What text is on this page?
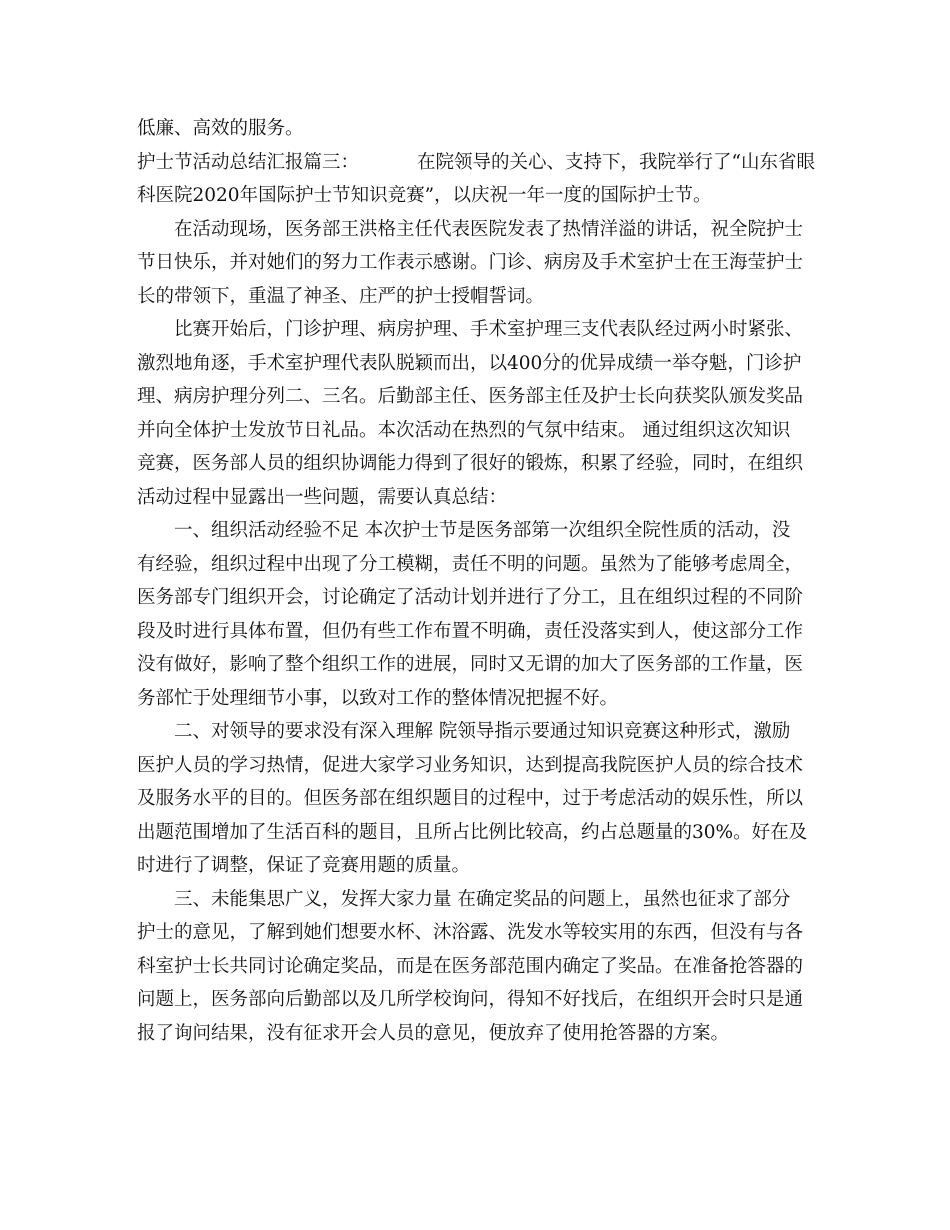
低廉、高效的服务。
护士节活动总结汇报篇三：	在院领导的关心、支持下，我院举行了“山东省眼
科医院2020年国际护士节知识竞赛”，以庆祝一年一度的国际护士节。
在活动现场，医务部王洪格主任代表医院发表了热情洋溢的讲话，祝全院护士
节日快乐，并对她们的努力工作表示感谢。门诊、病房及手术室护士在王海莹护士
长的带领下，重温了神圣、庄严的护士授帽誓词。
比赛开始后，门诊护理、病房护理、手术室护理三支代表队经过两小时紧张、
激烈地角逐，手术室护理代表队脱颖而出，以400分的优异成绩一举夺魁，门诊护
理、病房护理分列二、三名。后勤部主任、医务部主任及护士长向获奖队颁发奖品
并向全体护士发放节日礼品。本次活动在热烈的气氛中结束。 通过组织这次知识
竞赛，医务部人员的组织协调能力得到了很好的锻炼，积累了经验，同时，在组织
活动过程中显露出一些问题，需要认真总结：
一、组织活动经验不足 本次护士节是医务部第一次组织全院性质的活动，没
有经验，组织过程中出现了分工模糊，责任不明的问题。虽然为了能够考虑周全，
医务部专门组织开会，讨论确定了活动计划并进行了分工，且在组织过程的不同阶
段及时进行具体布置，但仍有些工作布置不明确，责任没落实到人，使这部分工作
没有做好，影响了整个组织工作的进展，同时又无谓的加大了医务部的工作量，医
务部忙于处理细节小事，以致对工作的整体情况把握不好。
二、对领导的要求没有深入理解 院领导指示要通过知识竞赛这种形式，激励
医护人员的学习热情，促进大家学习业务知识，达到提高我院医护人员的综合技术
及服务水平的目的。但医务部在组织题目的过程中，过于考虑活动的娱乐性，所以
出题范围增加了生活百科的题目，且所占比例比较高，约占总题量的30%。好在及
时进行了调整，保证了竞赛用题的质量。
三、未能集思广义，发挥大家力量 在确定奖品的问题上，虽然也征求了部分
护士的意见，了解到她们想要水杯、沐浴露、洗发水等较实用的东西，但没有与各
科室护士长共同讨论确定奖品，而是在医务部范围内确定了奖品。在准备抢答器的
问题上，医务部向后勤部以及几所学校询问，得知不好找后，在组织开会时只是通
报了询问结果，没有征求开会人员的意见，便放弃了使用抢答器的方案。
